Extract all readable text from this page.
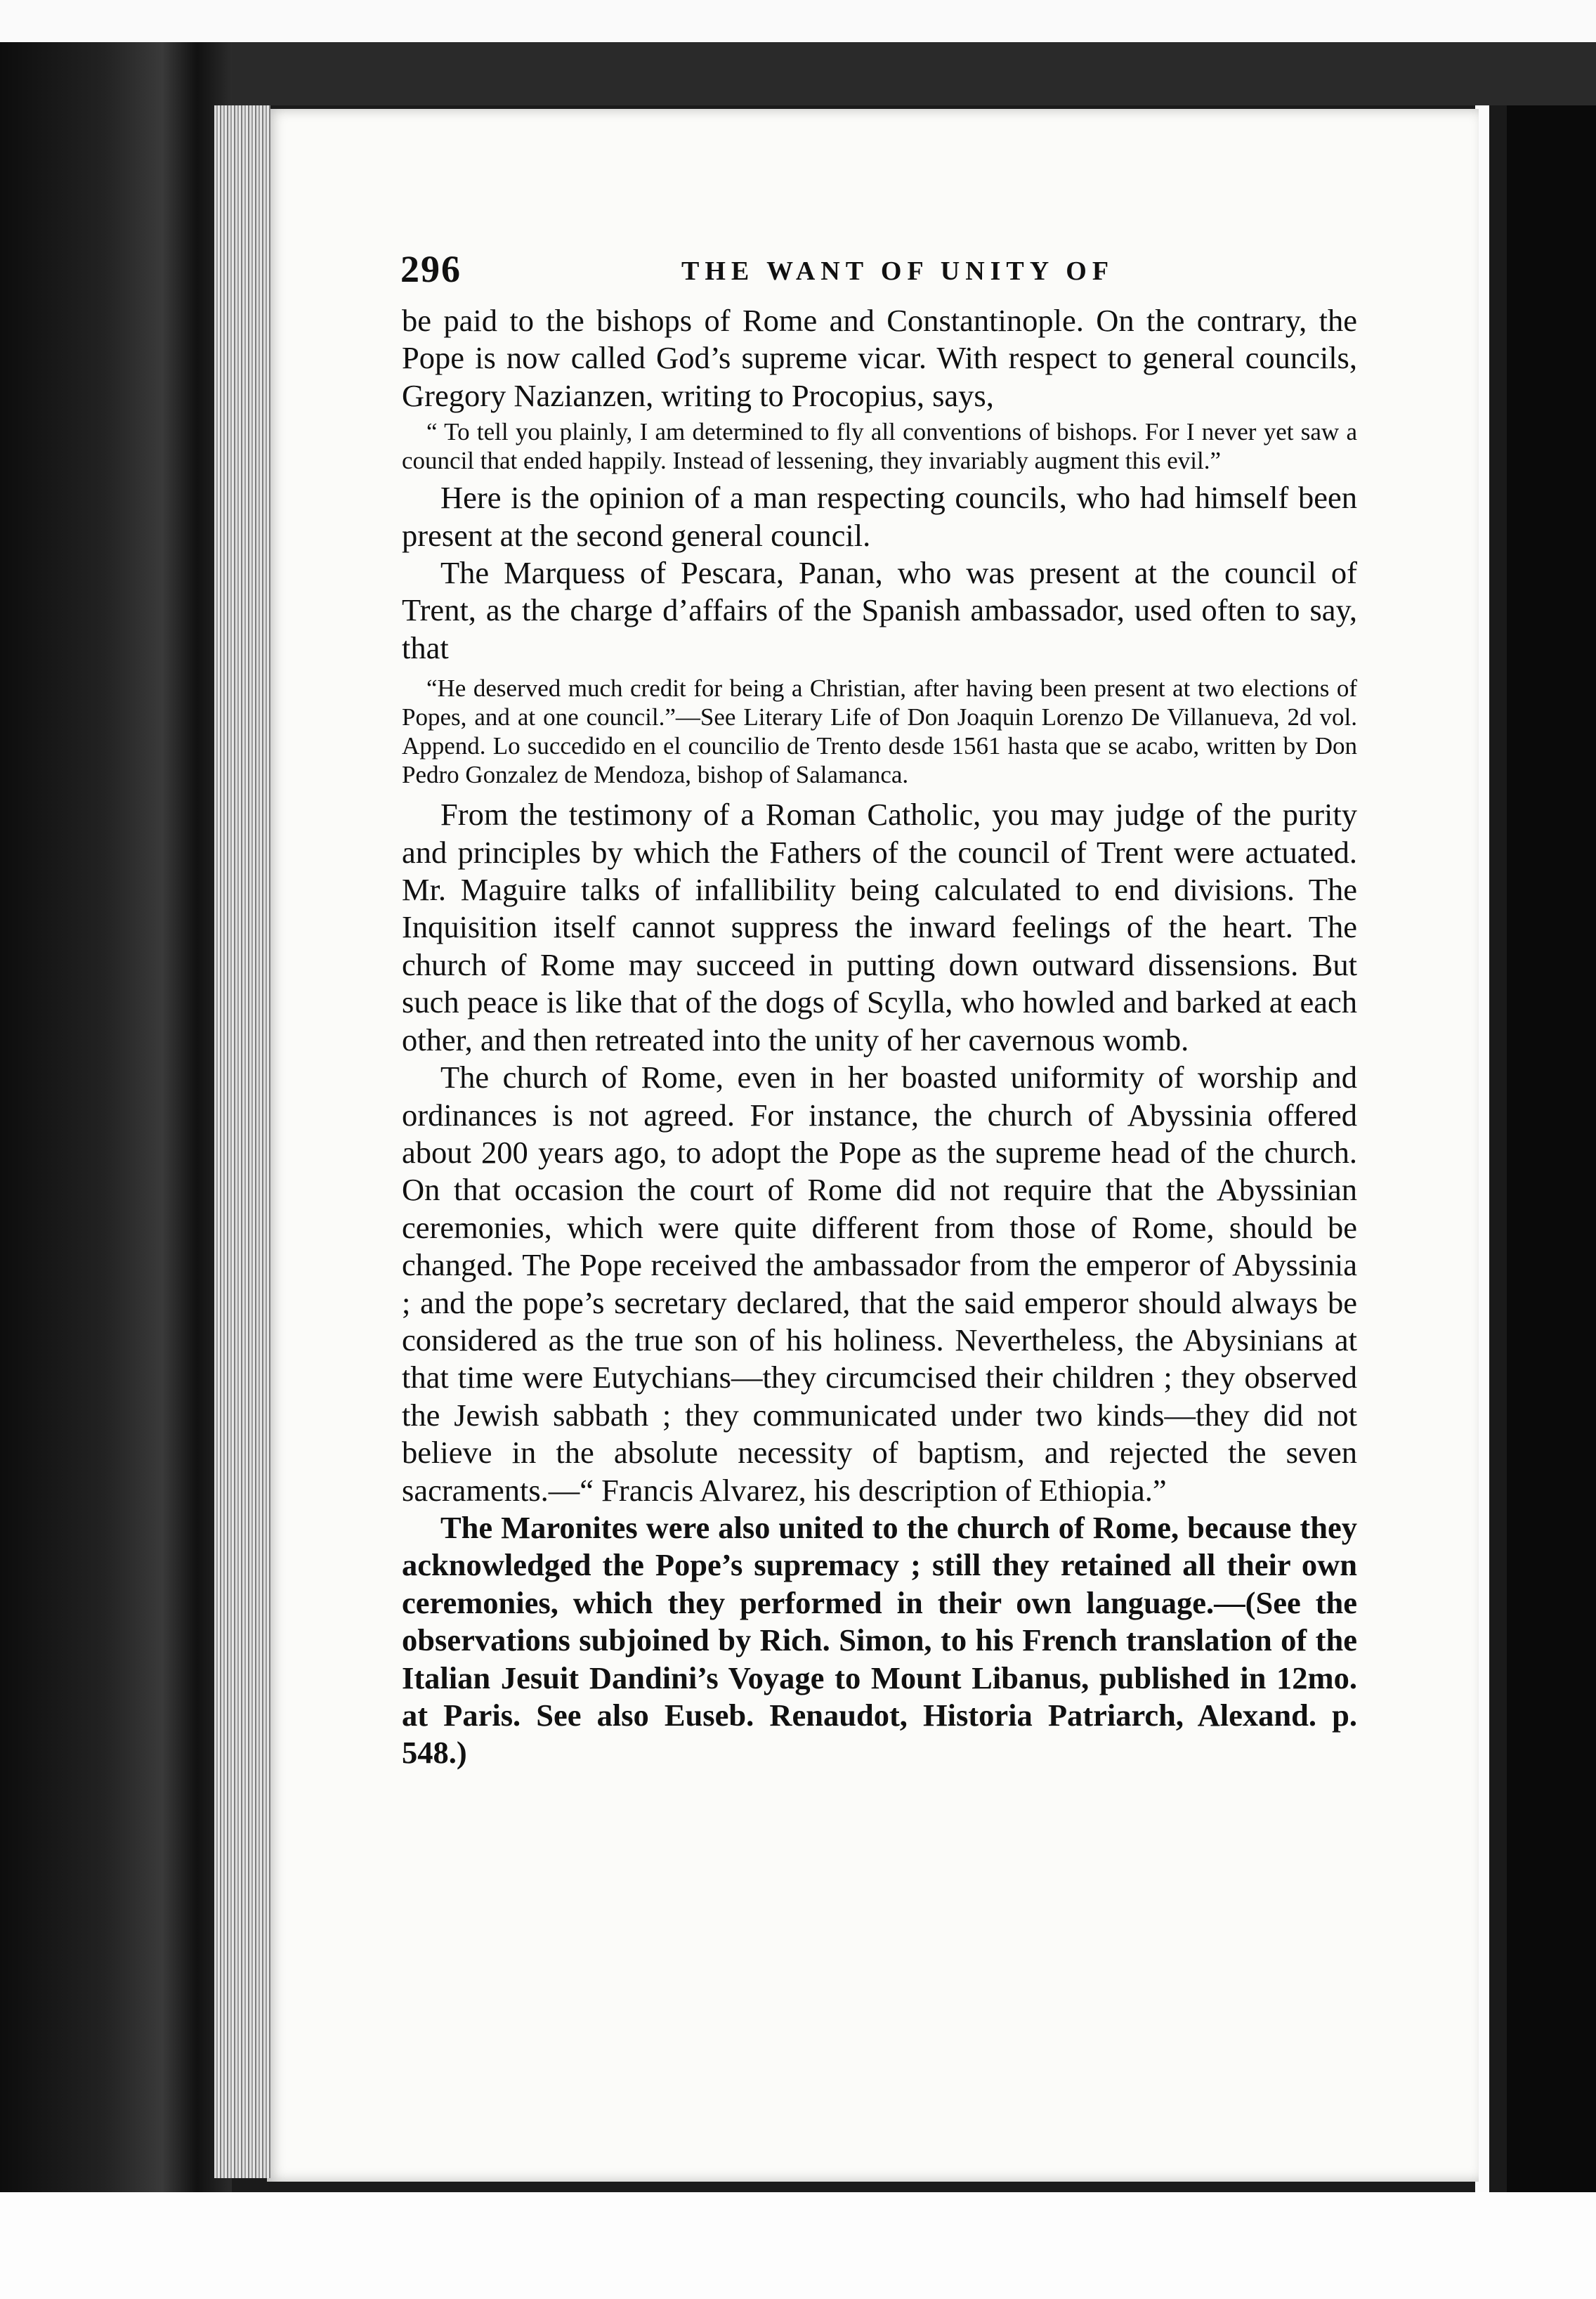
296	THE WANT OF UNITY OF

be paid to the bishops of Rome and Constantinople. On the contrary, the Pope is now called God’s supreme vicar. With respect to general councils, Gregory Nazianzen, writing to Procopius, says,

“ To tell you plainly, I am determined to fly all conventions of bishops. For I never yet saw a council that ended happily. Instead of lessening, they invariably augment this evil.”

Here is the opinion of a man respecting councils, who had himself been present at the second general council.

The Marquess of Pescara, Panan, who was present at the council of Trent, as the charge d’affairs of the Spanish ambassador, used often to say, that

“He deserved much credit for being a Christian, after having been present at two elections of Popes, and at one council.”—See Literary Life of Don Joaquin Lorenzo De Villanueva, 2d vol. Append. Lo succedido en el councilio de Trento desde 1561 hasta que se acabo, written by Don Pedro Gonzalez de Mendoza, bishop of Salamanca.

From the testimony of a Roman Catholic, you may judge of the purity and principles by which the Fathers of the council of Trent were actuated. Mr. Maguire talks of infallibility being calculated to end divisions. The Inquisition itself cannot suppress the inward feelings of the heart. The church of Rome may succeed in putting down outward dissensions. But such peace is like that of the dogs of Scylla, who howled and barked at each other, and then retreated into the unity of her cavernous womb.

The church of Rome, even in her boasted uniformity of worship and ordinances is not agreed. For instance, the church of Abyssinia offered about 200 years ago, to adopt the Pope as the supreme head of the church. On that occasion the court of Rome did not require that the Abyssinian ceremonies, which were quite different from those of Rome, should be changed. The Pope received the ambassador from the emperor of Abyssinia ; and the pope’s secretary declared, that the said emperor should always be considered as the true son of his holiness. Nevertheless, the Abysinians at that time were Eutychians—they circumcised their children ; they observed the Jewish sabbath ; they communicated under two kinds—they did not believe in the absolute necessity of baptism, and rejected the seven sacraments.—“ Francis Alvarez, his description of Ethiopia.”

The Maronites were also united to the church of Rome, because they acknowledged the Pope’s supremacy ; still they retained all their own ceremonies, which they performed in their own language.—(See the observations subjoined by Rich. Simon, to his French translation of the Italian Jesuit Dandini’s Voyage to Mount Libanus, published in 12mo. at Paris. See also Euseb. Renaudot, Historia Patriarch, Alexand. p. 548.)
